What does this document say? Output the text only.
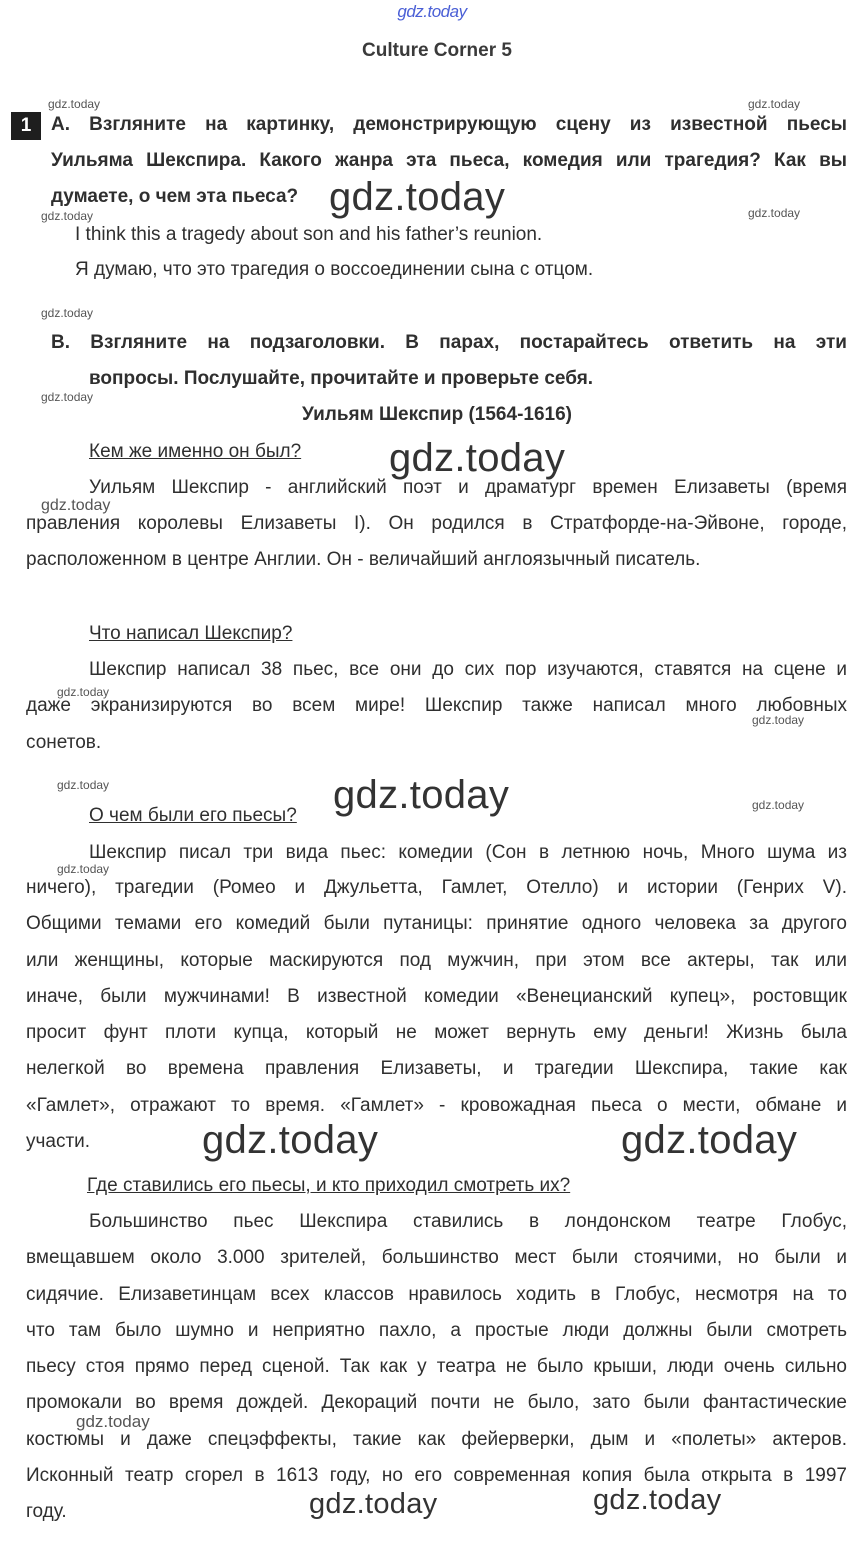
gdz.today
Culture Corner 5
1	A. Взгляните на картинку, демонстрирующую сцену из известной пьесы
Уильяма Шекспира. Какого жанра эта пьеса, комедия или трагедия? Как вы
думаете, о чем эта пьеса?
I think this a tragedy about son and his father’s reunion.
Я думаю, что это трагедия о воссоединении сына с отцом.
B. Взгляните на подзаголовки. В парах, постарайтесь ответить на эти
вопросы. Послушайте, прочитайте и проверьте себя.
Уильям Шекспир (1564-1616)
Кем же именно он был?
Уильям Шекспир - английский поэт и драматург времен Елизаветы (время
правления королевы Елизаветы I). Он родился в Стратфорде-на-Эйвоне, городе,
расположенном в центре Англии. Он - величайший англоязычный писатель.
Что написал Шекспир?
Шекспир написал 38 пьес, все они до сих пор изучаются, ставятся на сцене и
даже экранизируются во всем мире! Шекспир также написал много любовных
сонетов.
О чем были его пьесы?
Шекспир писал три вида пьес: комедии (Сон в летнюю ночь, Много шума из
ничего), трагедии (Ромео и Джульетта, Гамлет, Отелло) и истории (Генрих V).
Общими темами его комедий были путаницы: принятие одного человека за другого
или женщины, которые маскируются под мужчин, при этом все актеры, так или
иначе, были мужчинами! В известной комедии «Венецианский купец», ростовщик
просит фунт плоти купца, который не может вернуть ему деньги! Жизнь была
нелегкой во времена правления Елизаветы, и трагедии Шекспира, такие как
«Гамлет», отражают то время. «Гамлет» - кровожадная пьеса о мести, обмане и
участи.
Где ставились его пьесы, и кто приходил смотреть их?
Большинство пьес Шекспира ставились в лондонском театре Глобус,
вмещавшем около 3.000 зрителей, большинство мест были стоячими, но были и
сидячие. Елизаветинцам всех классов нравилось ходить в Глобус, несмотря на то
что там было шумно и неприятно пахло, а простые люди должны были смотреть
пьесу стоя прямо перед сценой. Так как у театра не было крыши, люди очень сильно
промокали во время дождей. Декораций почти не было, зато были фантастические
костюмы и даже спецэффекты, такие как фейерверки, дым и «полеты» актеров.
Исконный театр сгорел в 1613 году, но его современная копия была открыта в 1997
году.
gdz.today	gdz.today
gdz.today	gdz.today
gdz.today
gdz.today
gdz.today
gdz.today
gdz.today
gdz.today
gdz.today
gdz.today
gdz.today
gdz.today
gdz.today
gdz.today
gdz.today	gdz.today
gdz.today	gdz.today
